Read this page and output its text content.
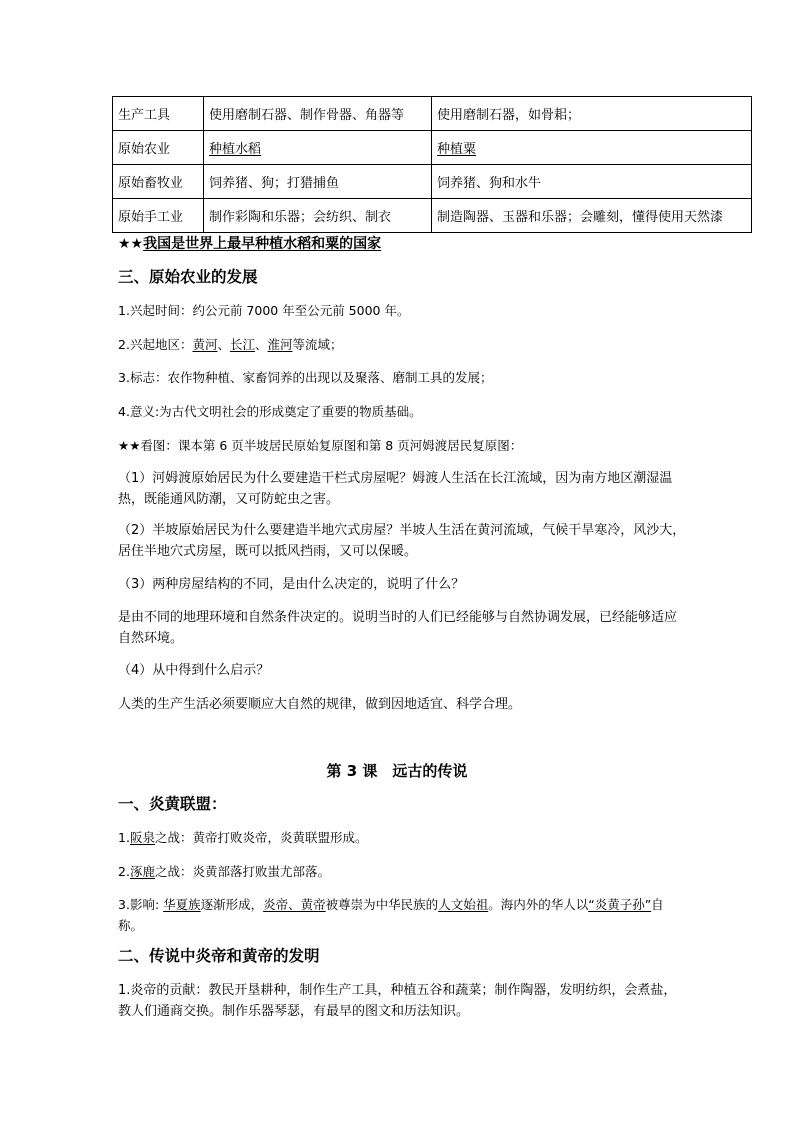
生产工具	使用磨制石器、制作骨器、角器等	使用磨制石器，如骨耜；
原始农业	种植水稻	种植粟
原始畜牧业	饲养猪、狗；打猎捕鱼	饲养猪、狗和水牛
原始手工业	制作彩陶和乐器；会纺织、制衣	制造陶器、玉器和乐器；会雕刻，懂得使用天然漆
★★我国是世界上最早种植水稻和粟的国家

三、原始农业的发展

1.兴起时间：约公元前 7000 年至公元前 5000 年。

2.兴起地区：黄河、长江、淮河等流域；

3.标志：农作物种植、家畜饲养的出现以及聚落、磨制工具的发展；

4.意义:为古代文明社会的形成奠定了重要的物质基础。

★★看图：课本第 6 页半坡居民原始复原图和第 8 页河姆渡居民复原图：

（1）河姆渡原始居民为什么要建造干栏式房屋呢？姆渡人生活在长江流域，因为南方地区潮湿温热，既能通风防潮，又可防蛇虫之害。

（2）半坡原始居民为什么要建造半地穴式房屋？半坡人生活在黄河流域，气候干旱寒冷，风沙大，居住半地穴式房屋，既可以抵风挡雨，又可以保暖。

（3）两种房屋结构的不同，是由什么决定的，说明了什么？

是由不同的地理环境和自然条件决定的。说明当时的人们已经能够与自然协调发展，已经能够适应自然环境。

（4）从中得到什么启示？

人类的生产生活必须要顺应大自然的规律，做到因地适宜、科学合理。

第 3 课　远古的传说

一、炎黄联盟：

1.阪泉之战：黄帝打败炎帝，炎黄联盟形成。

2.涿鹿之战：炎黄部落打败蚩尤部落。

3.影响: 华夏族逐渐形成，炎帝、黄帝被尊崇为中华民族的人文始祖。海内外的华人以“炎黄子孙”自称。

二、传说中炎帝和黄帝的发明

1.炎帝的贡献：教民开垦耕种，制作生产工具，种植五谷和蔬菜；制作陶器，发明纺织，会煮盐，教人们通商交换。制作乐器琴瑟，有最早的图文和历法知识。
